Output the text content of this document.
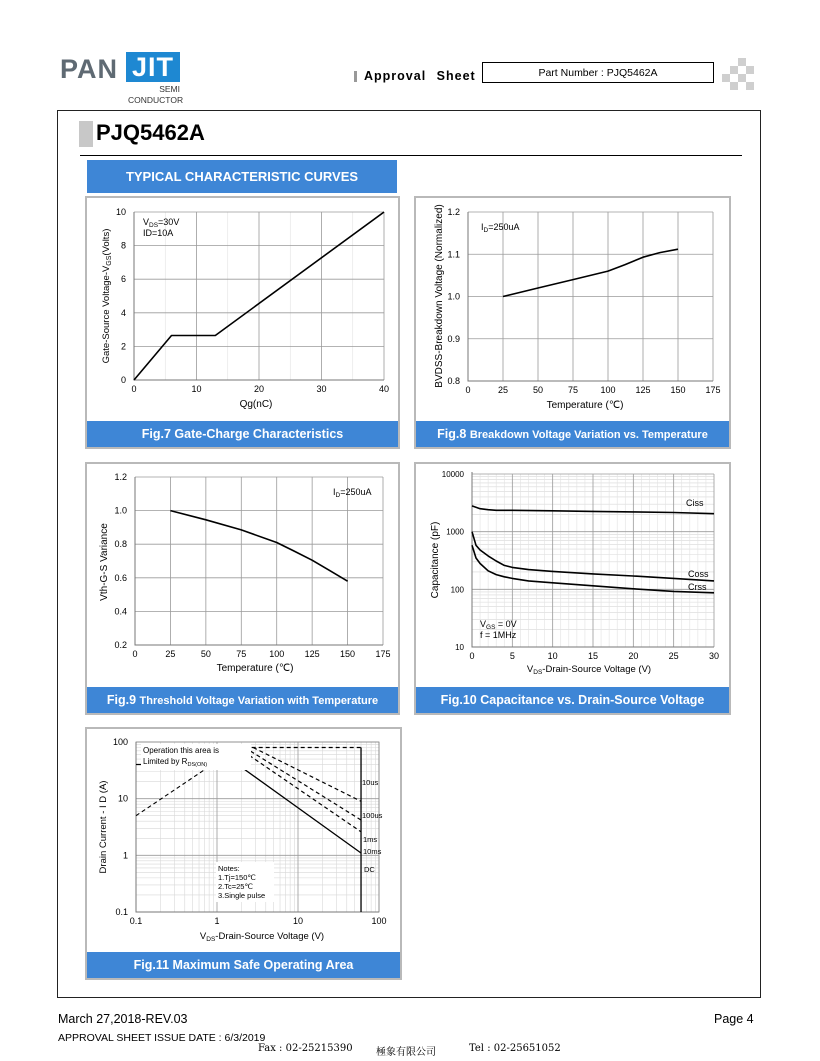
PAN JIT
SEMI
CONDUCTOR
Approval Sheet	Part Number : PJQ5462A
PJQ5462A
TYPICAL CHARACTERISTIC CURVES
0
2
4
6
8
10
0	10	20	30	40
$V_{DS}=30V$
ID=10A
Qg(nC)
Gate-Source Voltage-$V_{GS}(Volts)$
Fig.7 Gate-Charge Characteristics
0.8
0.9
1.0
1.1
1.2
0	25	50	75 100 125 150 175
$I_D=250uA$
Temperature (℃)
BVDSS-Breakdown Voltage (Normalized)
Fig.8 Breakdown Voltage Variation vs. Temperature
0.2
0.4
0.6
0.8
1.0
1.2
0	25	50	75	100 125 150 175
$I_D=250uA$
Temperature (℃)
Vth-G-S Variance
Fig.9 Threshold Voltage Variation with Temperature
10
100
1000
10000
0	5	10	15	20	25	30
Ciss
Coss
Crss
$V_{GS} = 0V$
f = 1MHz
$V_{DS}-Drain$-Source Voltage (V)
Capacitance (pF)
Fig.10 Capacitance vs. Drain-Source Voltage
0.1
1
10
100
0.1	1	10	100
DC
10ms
1ms
100us
10us
Operation this area is
Limited by $R_{DS(ON)}$
Notes:
1.Tj=150℃
2.Tc=25℃
3.Single pulse
$V_{DS}-Drain$-Source Voltage (V)
Drain Current - I D (A)
Fig.11 Maximum Safe Operating Area
March 27,2018-REV.03	Page 4
APPROVAL SHEET ISSUE DATE : 6/3/2019
Fax : 02-25215390 極象有限公司	Tel : 02-25651052
